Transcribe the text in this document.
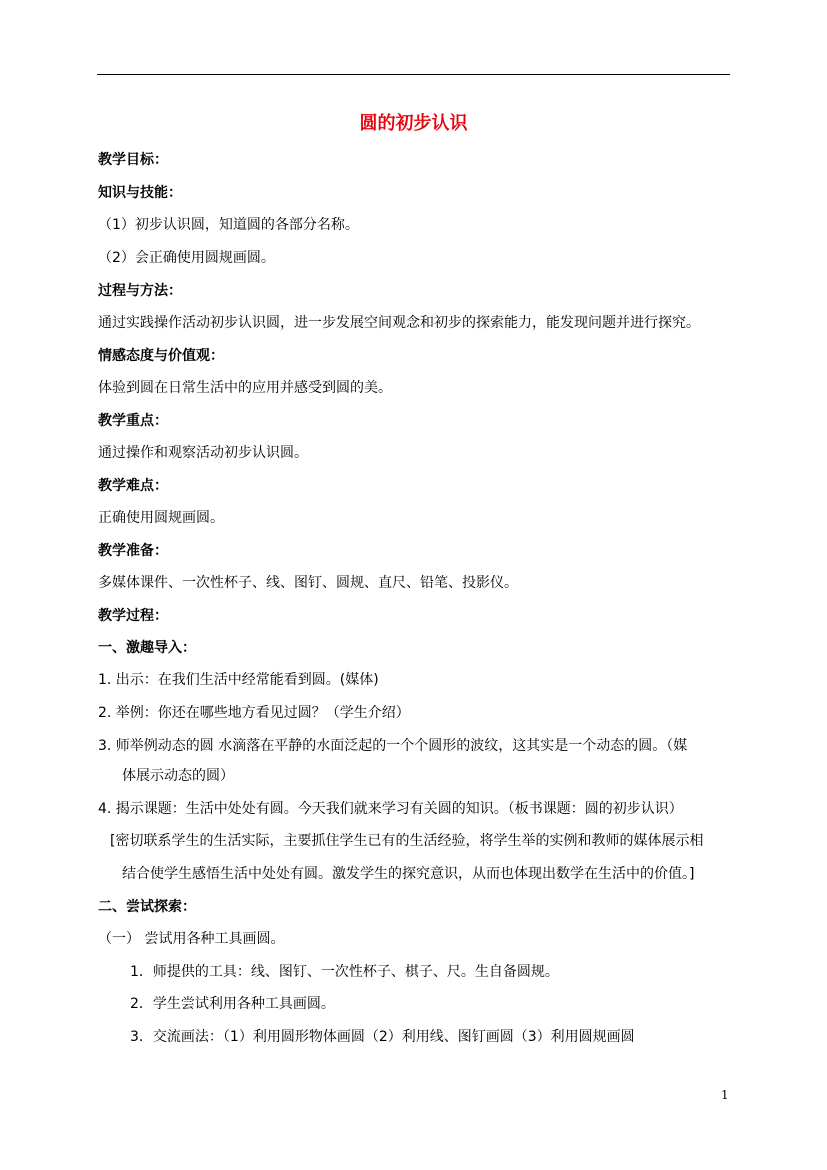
圆的初步认识
教学目标：
知识与技能：
（1）初步认识圆，知道圆的各部分名称。
（2）会正确使用圆规画圆。
过程与方法：
通过实践操作活动初步认识圆，进一步发展空间观念和初步的探索能力，能发现问题并进行探究。
情感态度与价值观：
体验到圆在日常生活中的应用并感受到圆的美。
教学重点：
通过操作和观察活动初步认识圆。
教学难点：
正确使用圆规画圆。
教学准备：
多媒体课件、一次性杯子、线、图钉、圆规、直尺、铅笔、投影仪。
教学过程：
一、激趣导入：
1. 出示：在我们生活中经常能看到圆。(媒体)
2. 举例：你还在哪些地方看见过圆？（学生介绍）
3. 师举例动态的圆 水滴落在平静的水面泛起的一个个圆形的波纹，这其实是一个动态的圆。（媒
体展示动态的圆）
4. 揭示课题：生活中处处有圆。今天我们就来学习有关圆的知识。（板书课题：圆的初步认识）
[密切联系学生的生活实际，主要抓住学生已有的生活经验，将学生举的实例和教师的媒体展示相
结合使学生感悟生活中处处有圆。激发学生的探究意识，从而也体现出数学在生活中的价值。]
二、尝试探索：
（一） 尝试用各种工具画圆。
1．师提供的工具：线、图钉、一次性杯子、棋子、尺。生自备圆规。
2．学生尝试利用各种工具画圆。
3．交流画法：（1）利用圆形物体画圆（2）利用线、图钉画圆（3）利用圆规画圆
1
